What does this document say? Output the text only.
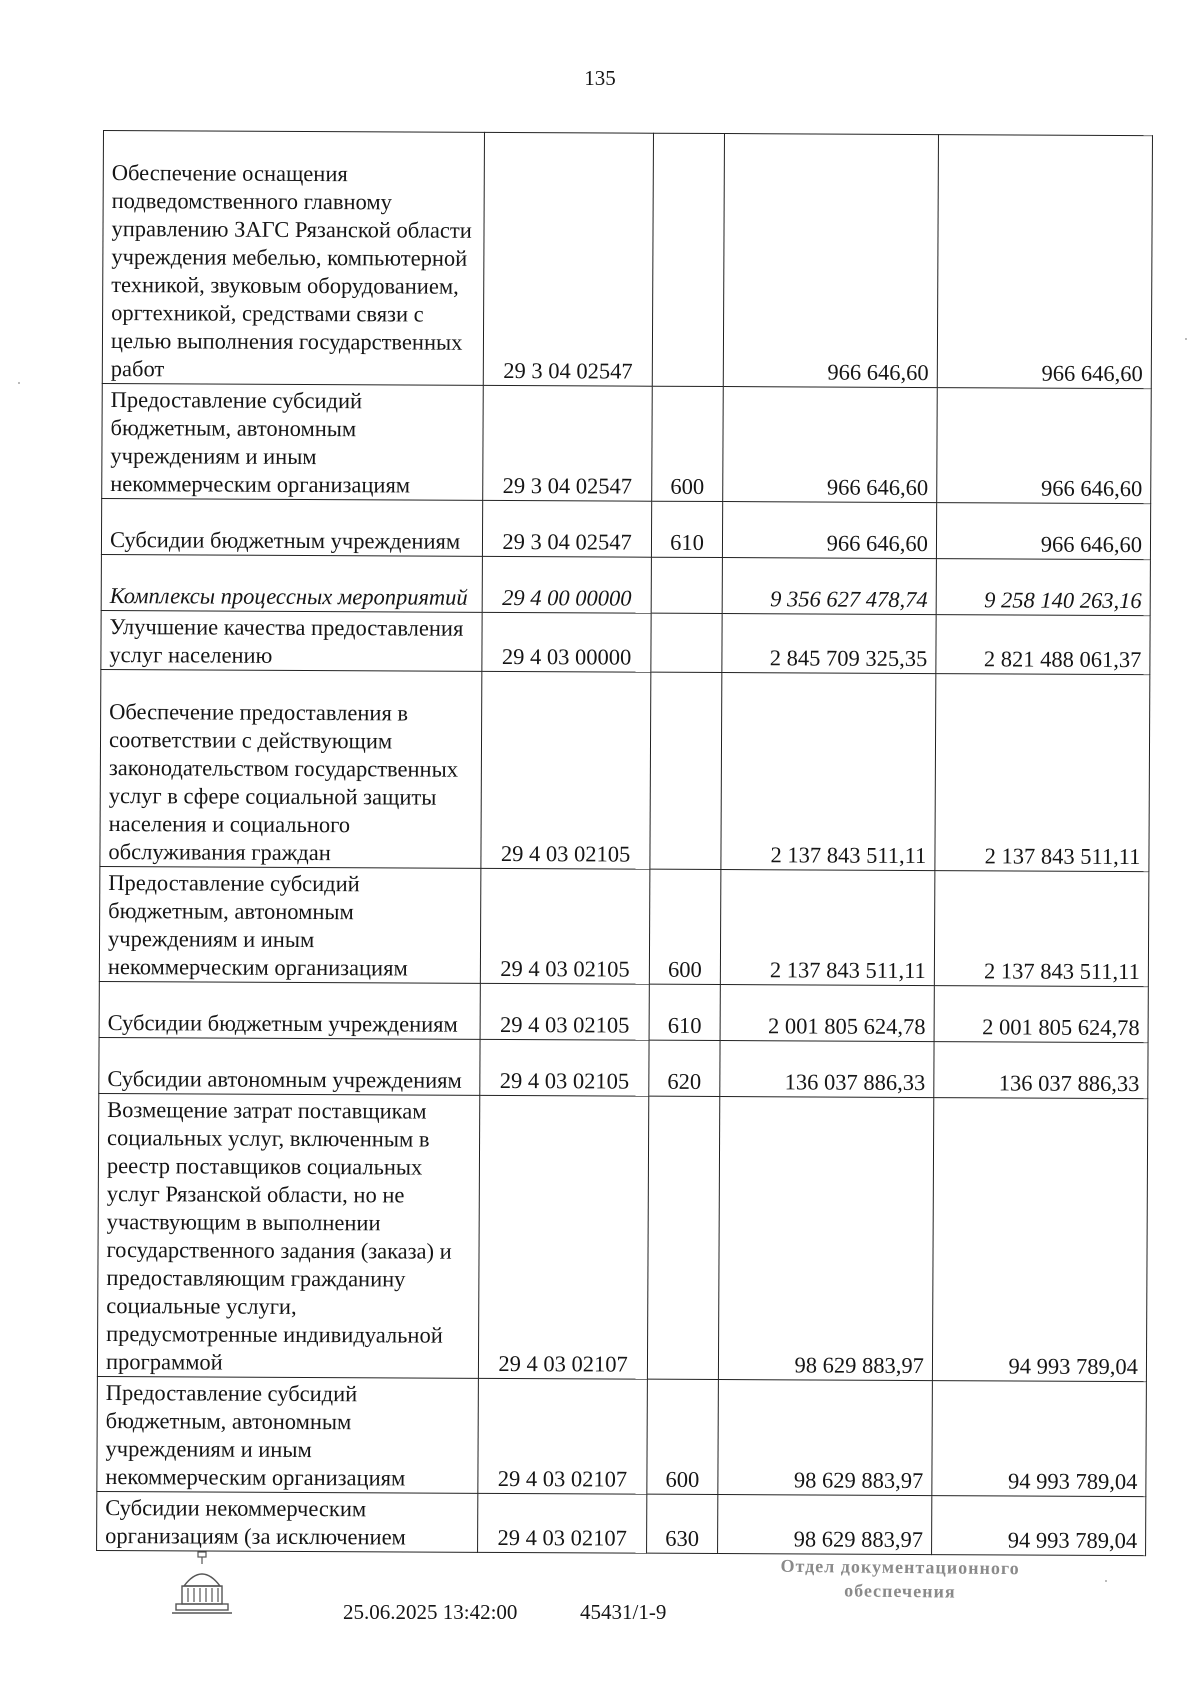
135
Обеспечение оснащения подведомственного главному управлению ЗАГС Рязанской области учреждения мебелью, компьютерной техникой, звуковым оборудованием, оргтехникой, средствами связи с целью выполнения государственных работ	29 3 04 02547		966 646,60	966 646,60
Предоставление субсидий бюджетным, автономным учреждениям и иным некоммерческим организациям	29 3 04 02547	600	966 646,60	966 646,60
Субсидии бюджетным учреждениям	29 3 04 02547	610	966 646,60	966 646,60
Комплексы процессных мероприятий	29 4 00 00000		9 356 627 478,74	9 258 140 263,16
Улучшение качества предоставления услуг населению	29 4 03 00000		2 845 709 325,35	2 821 488 061,37
Обеспечение предоставления в соответствии с действующим законодательством государственных услуг в сфере социальной защиты населения и социального обслуживания граждан	29 4 03 02105		2 137 843 511,11	2 137 843 511,11
Предоставление субсидий бюджетным, автономным учреждениям и иным некоммерческим организациям	29 4 03 02105	600	2 137 843 511,11	2 137 843 511,11
Субсидии бюджетным учреждениям	29 4 03 02105	610	2 001 805 624,78	2 001 805 624,78
Субсидии автономным учреждениям	29 4 03 02105	620	136 037 886,33	136 037 886,33
Возмещение затрат поставщикам социальных услуг, включенным в реестр поставщиков социальных услуг Рязанской области, но не участвующим в выполнении государственного задания (заказа) и предоставляющим гражданину социальные услуги, предусмотренные индивидуальной программой	29 4 03 02107		98 629 883,97	94 993 789,04
Предоставление субсидий бюджетным, автономным учреждениям и иным некоммерческим организациям	29 4 03 02107	600	98 629 883,97	94 993 789,04
Субсидии некоммерческим организациям (за исключением	29 4 03 02107	630	98 629 883,97	94 993 789,04
25.06.2025 13:42:00	45431/1-9
Отдел документационного
обеспечения
